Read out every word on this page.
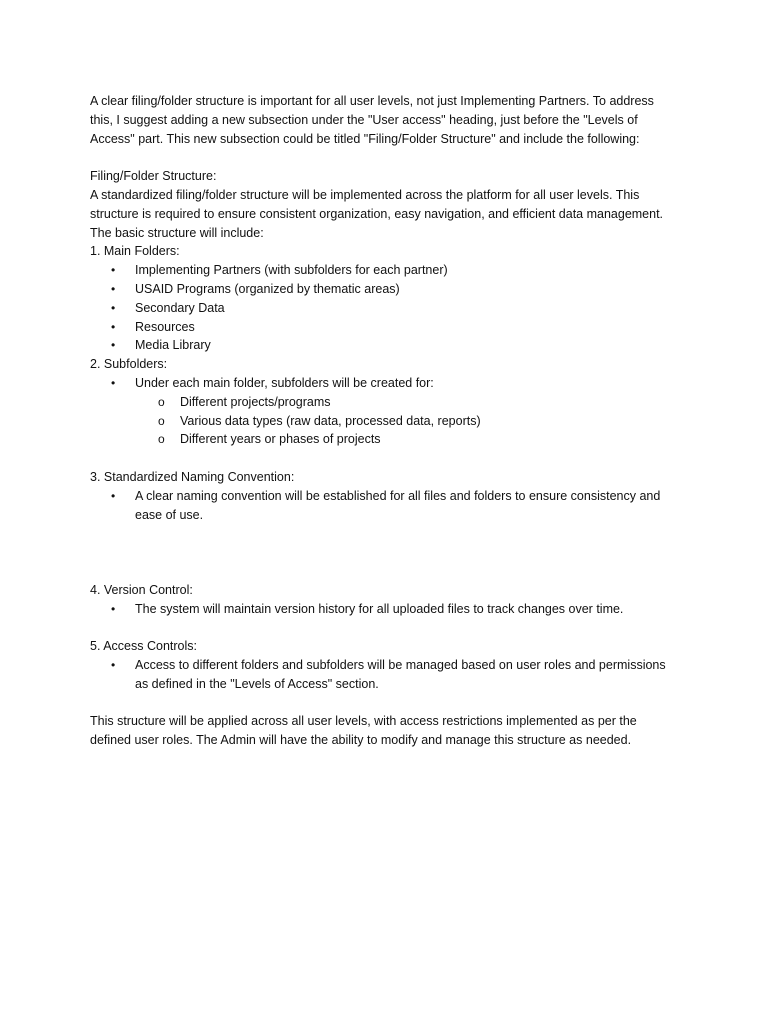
A clear filing/folder structure is important for all user levels, not just Implementing Partners. To address this, I suggest adding a new subsection under the "User access" heading, just before the "Levels of Access" part. This new subsection could be titled "Filing/Folder Structure" and include the following:

Filing/Folder Structure:

A standardized filing/folder structure will be implemented across the platform for all user levels. This structure is required to ensure consistent organization, easy navigation, and efficient data management. The basic structure will include:

1. Main Folders:

• Implementing Partners (with subfolders for each partner)
• USAID Programs (organized by thematic areas)
• Secondary Data
• Resources
• Media Library

2. Subfolders:

• Under each main folder, subfolders will be created for:
o Different projects/programs
o Various data types (raw data, processed data, reports)
o Different years or phases of projects

3. Standardized Naming Convention:

• A clear naming convention will be established for all files and folders to ensure consistency and ease of use.

4. Version Control:

• The system will maintain version history for all uploaded files to track changes over time.

5. Access Controls:

• Access to different folders and subfolders will be managed based on user roles and permissions as defined in the "Levels of Access" section.

This structure will be applied across all user levels, with access restrictions implemented as per the defined user roles. The Admin will have the ability to modify and manage this structure as needed.
